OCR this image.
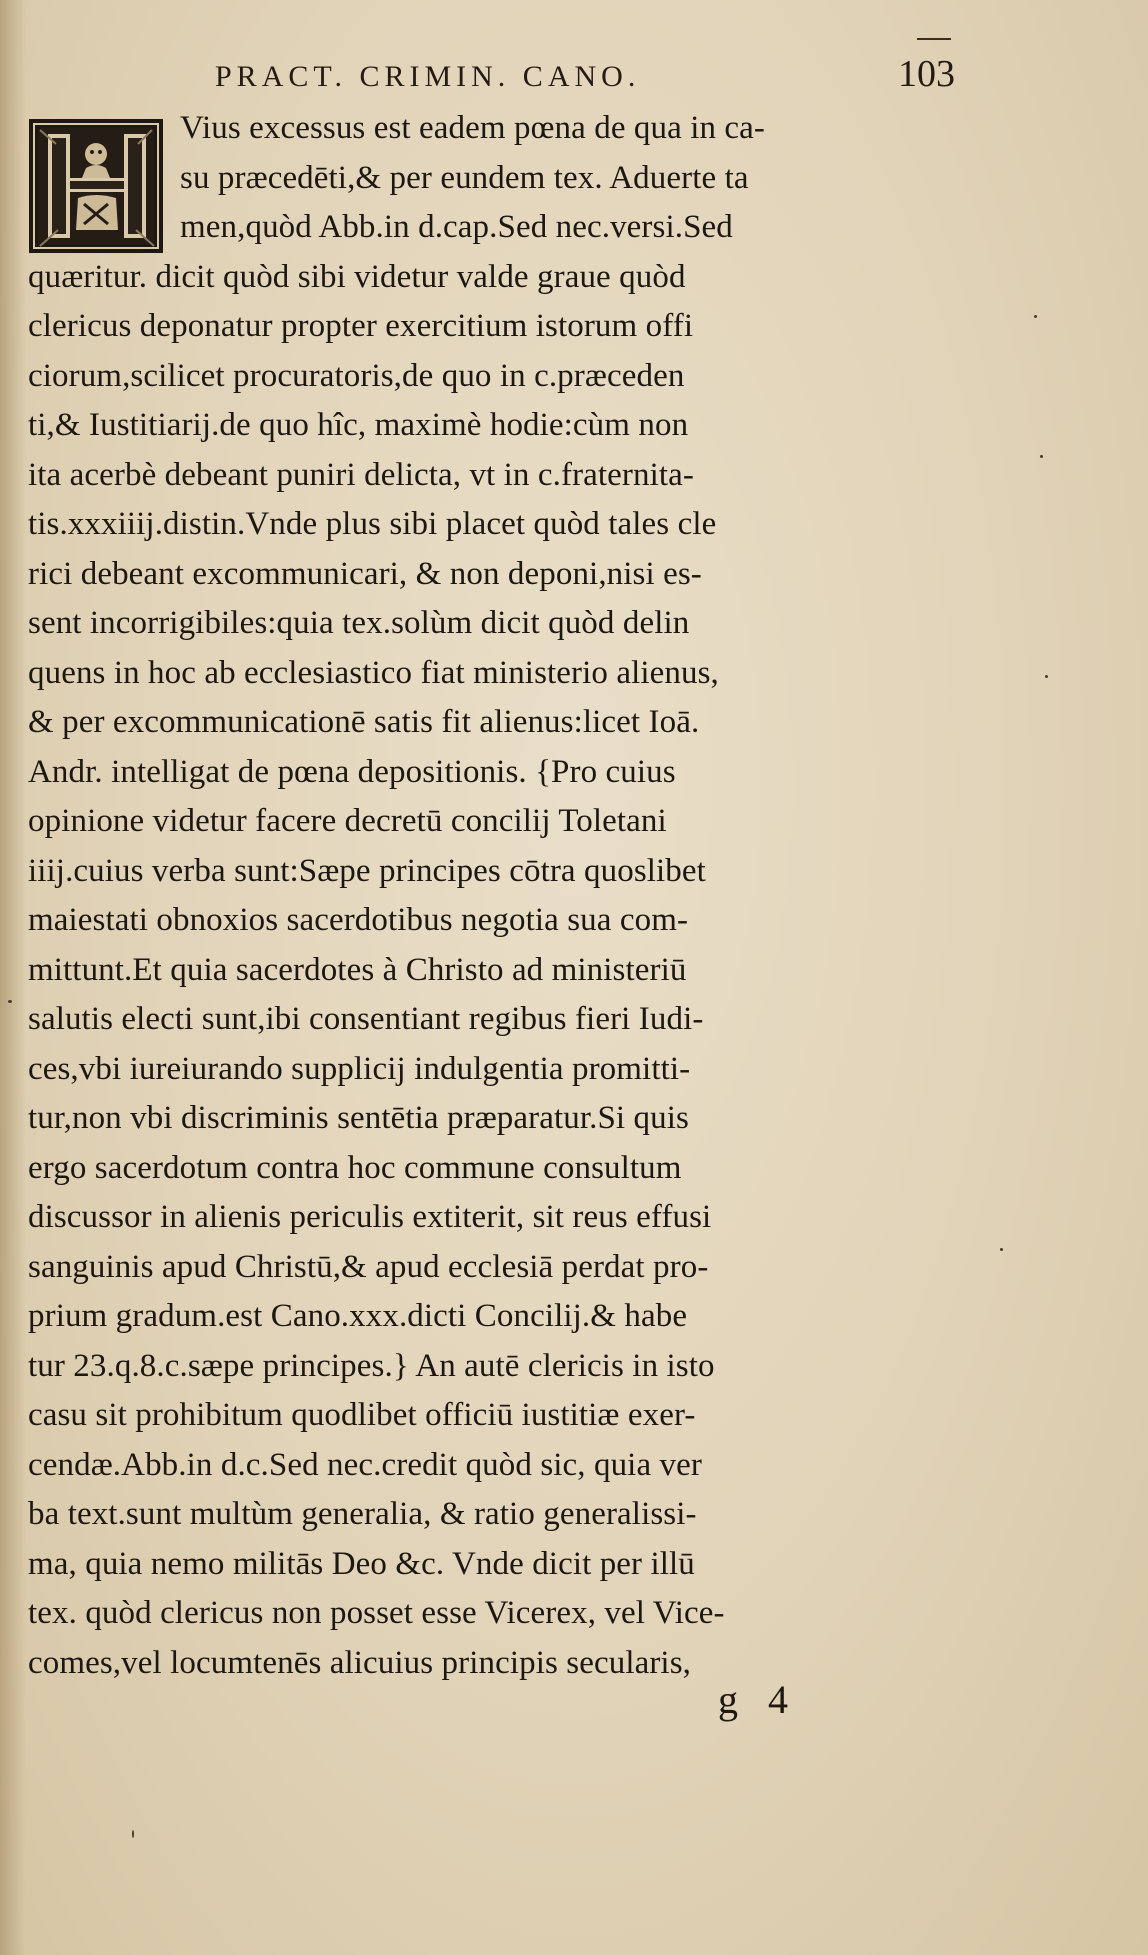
PRACT. CRIMIN. CANO.	103
Vius excessus est eadem pœna de qua in ca-
su præcedēti,& per eundem tex. Aduerte ta
men,quòd Abb.in d.cap.Sed nec.versi.Sed
quæritur. dicit quòd sibi videtur valde graue quòd
clericus deponatur propter exercitium istorum offi
ciorum,scilicet procuratoris,de quo in c.præceden
ti,& Iustitiarij.de quo hîc, maximè hodie:cùm non
ita acerbè debeant puniri delicta, vt in c.fraternita-
tis.xxxiiij.distin.Vnde plus sibi placet quòd tales cle
rici debeant excommunicari, & non deponi,nisi es-
sent incorrigibiles:quia tex.solùm dicit quòd delin
quens in hoc ab ecclesiastico fiat ministerio alienus,
& per excommunicationē satis fit alienus:licet Ioā.
Andr. intelligat de pœna depositionis. {Pro cuius
opinione videtur facere decretū concilij Toletani
iiij.cuius verba sunt:Sæpe principes cōtra quoslibet
maiestati obnoxios sacerdotibus negotia sua com-
mittunt.Et quia sacerdotes à Christo ad ministeriū
salutis electi sunt,ibi consentiant regibus fieri Iudi-
ces,vbi iureiurando supplicij indulgentia promitti-
tur,non vbi discriminis sentētia præparatur.Si quis
ergo sacerdotum contra hoc commune consultum
discussor in alienis periculis extiterit, sit reus effusi
sanguinis apud Christū,& apud ecclesiā perdat pro-
prium gradum.est Cano.xxx.dicti Concilij.& habe
tur 23.q.8.c.sæpe principes.} An autē clericis in isto
casu sit prohibitum quodlibet officiū iustitiæ exer-
cendæ.Abb.in d.c.Sed nec.credit quòd sic, quia ver
ba text.sunt multùm generalia, & ratio generalissi-
ma, quia nemo militās Deo &c. Vnde dicit per illū
tex. quòd clericus non posset esse Vicerex, vel Vice-
comes,vel locumtenēs alicuius principis secularis,
g 4
